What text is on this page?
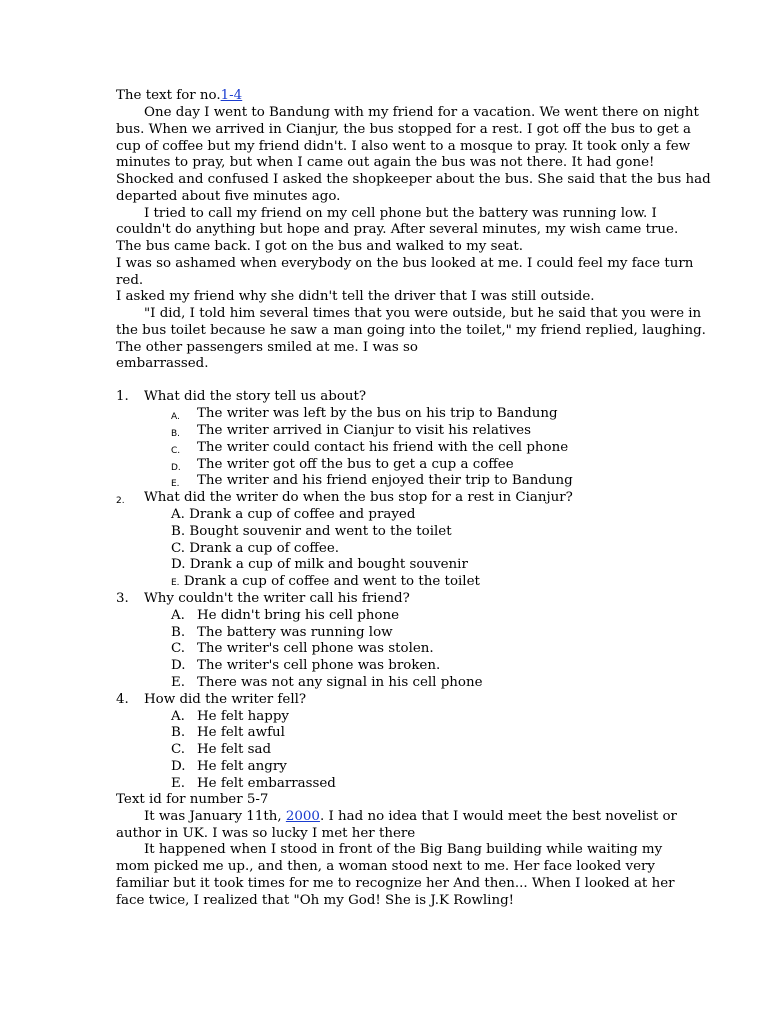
The text for no.1-4
One day I went to Bandung with my friend for a vacation. We went there on night
bus. When we arrived in Cianjur, the bus stopped for a rest. I got off the bus to get a
cup of coffee but my friend didn't. I also went to a mosque to pray. It took only a few
minutes to pray, but when I came out again the bus was not there. It had gone!
Shocked and confused I asked the shopkeeper about the bus. She said that the bus had
departed about five minutes ago.
I tried to call my friend on my cell phone but the battery was running low. I
couldn't do anything but hope and pray. After several minutes, my wish came true.
The bus came back. I got on the bus and walked to my seat.
I was so ashamed when everybody on the bus looked at me. I could feel my face turn
red.
I asked my friend why she didn't tell the driver that I was still outside.
"I did, I told him several times that you were outside, but he said that you were in
the bus toilet because he saw a man going into the toilet," my friend replied, laughing.
The other passengers smiled at me. I was so
embarrassed.
1. What did the story tell us about?
A. The writer was left by the bus on his trip to Bandung
B. The writer arrived in Cianjur to visit his relatives
C. The writer could contact his friend with the cell phone
D. The writer got off the bus to get a cup a coffee
E. The writer and his friend enjoyed their trip to Bandung
2. What did the writer do when the bus stop for a rest in Cianjur?
A. Drank a cup of coffee and prayed
B. Bought souvenir and went to the toilet
C. Drank a cup of coffee.
D. Drank a cup of milk and bought souvenir
E. Drank a cup of coffee and went to the toilet
3. Why couldn't the writer call his friend?
A. He didn't bring his cell phone
B. The battery was running low
C. The writer's cell phone was stolen.
D. The writer's cell phone was broken.
E. There was not any signal in his cell phone
4. How did the writer fell?
A. He felt happy
B. He felt awful
C. He felt sad
D. He felt angry
E. He felt embarrassed
Text id for number 5-7
It was January 11th, 2000. I had no idea that I would meet the best novelist or
author in UK. I was so lucky I met her there
It happened when I stood in front of the Big Bang building while waiting my
mom picked me up., and then, a woman stood next to me. Her face looked very
familiar but it took times for me to recognize her And then... When I looked at her
face twice, I realized that "Oh my God! She is J.K Rowling!
